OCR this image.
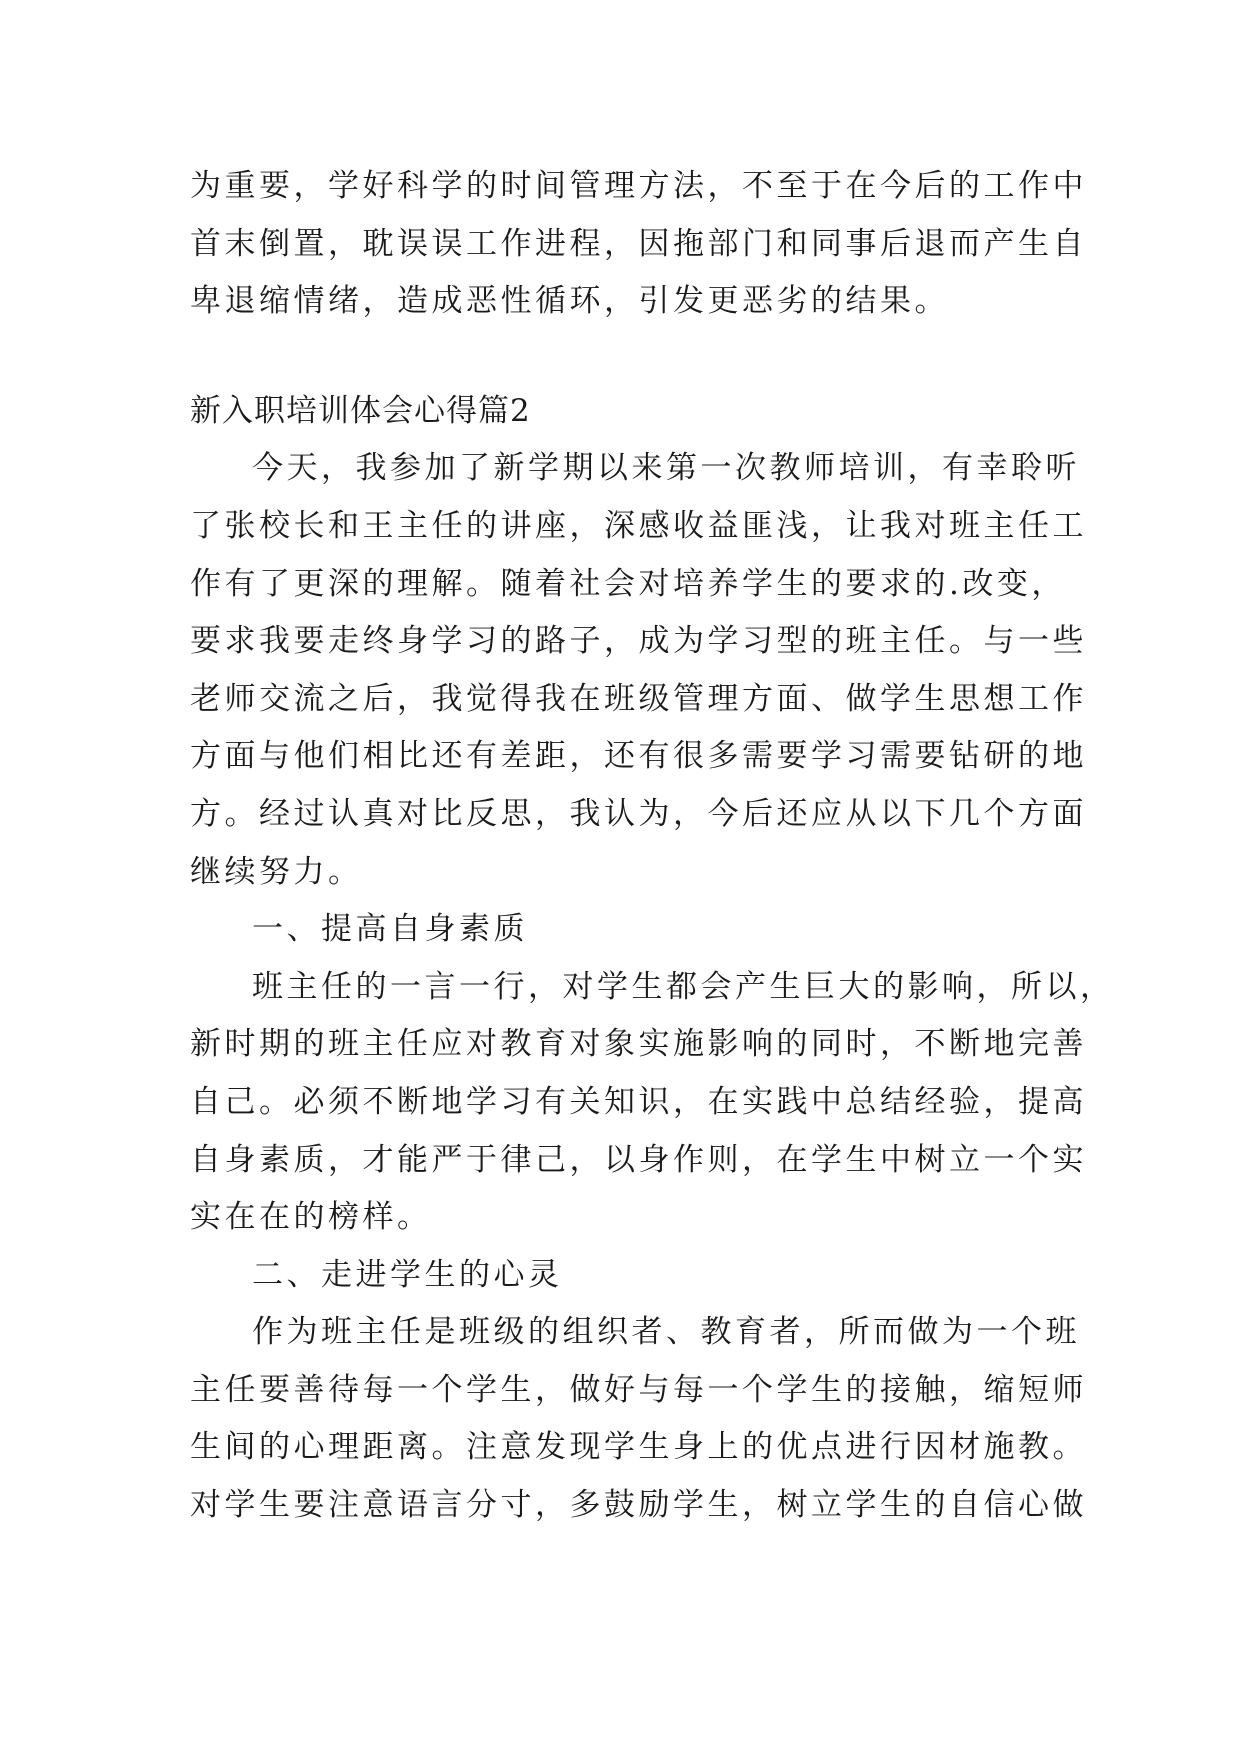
为重要，学好科学的时间管理方法，不至于在今后的工作中
首末倒置，耽误误工作进程，因拖部门和同事后退而产生自
卑退缩情绪，造成恶性循环，引发更恶劣的结果。
新入职培训体会心得篇2
今天，我参加了新学期以来第一次教师培训，有幸聆听
了张校长和王主任的讲座，深感收益匪浅，让我对班主任工
作有了更深的理解。随着社会对培养学生的要求的.改变，
要求我要走终身学习的路子，成为学习型的班主任。与一些
老师交流之后，我觉得我在班级管理方面、做学生思想工作
方面与他们相比还有差距，还有很多需要学习需要钻研的地
方。经过认真对比反思，我认为，今后还应从以下几个方面
继续努力。
一、提高自身素质
班主任的一言一行，对学生都会产生巨大的影响，所以，
新时期的班主任应对教育对象实施影响的同时，不断地完善
自己。必须不断地学习有关知识，在实践中总结经验，提高
自身素质，才能严于律己，以身作则，在学生中树立一个实
实在在的榜样。
二、走进学生的心灵
作为班主任是班级的组织者、教育者，所而做为一个班
主任要善待每一个学生，做好与每一个学生的接触，缩短师
生间的心理距离。注意发现学生身上的优点进行因材施教。
对学生要注意语言分寸，多鼓励学生，树立学生的自信心做
